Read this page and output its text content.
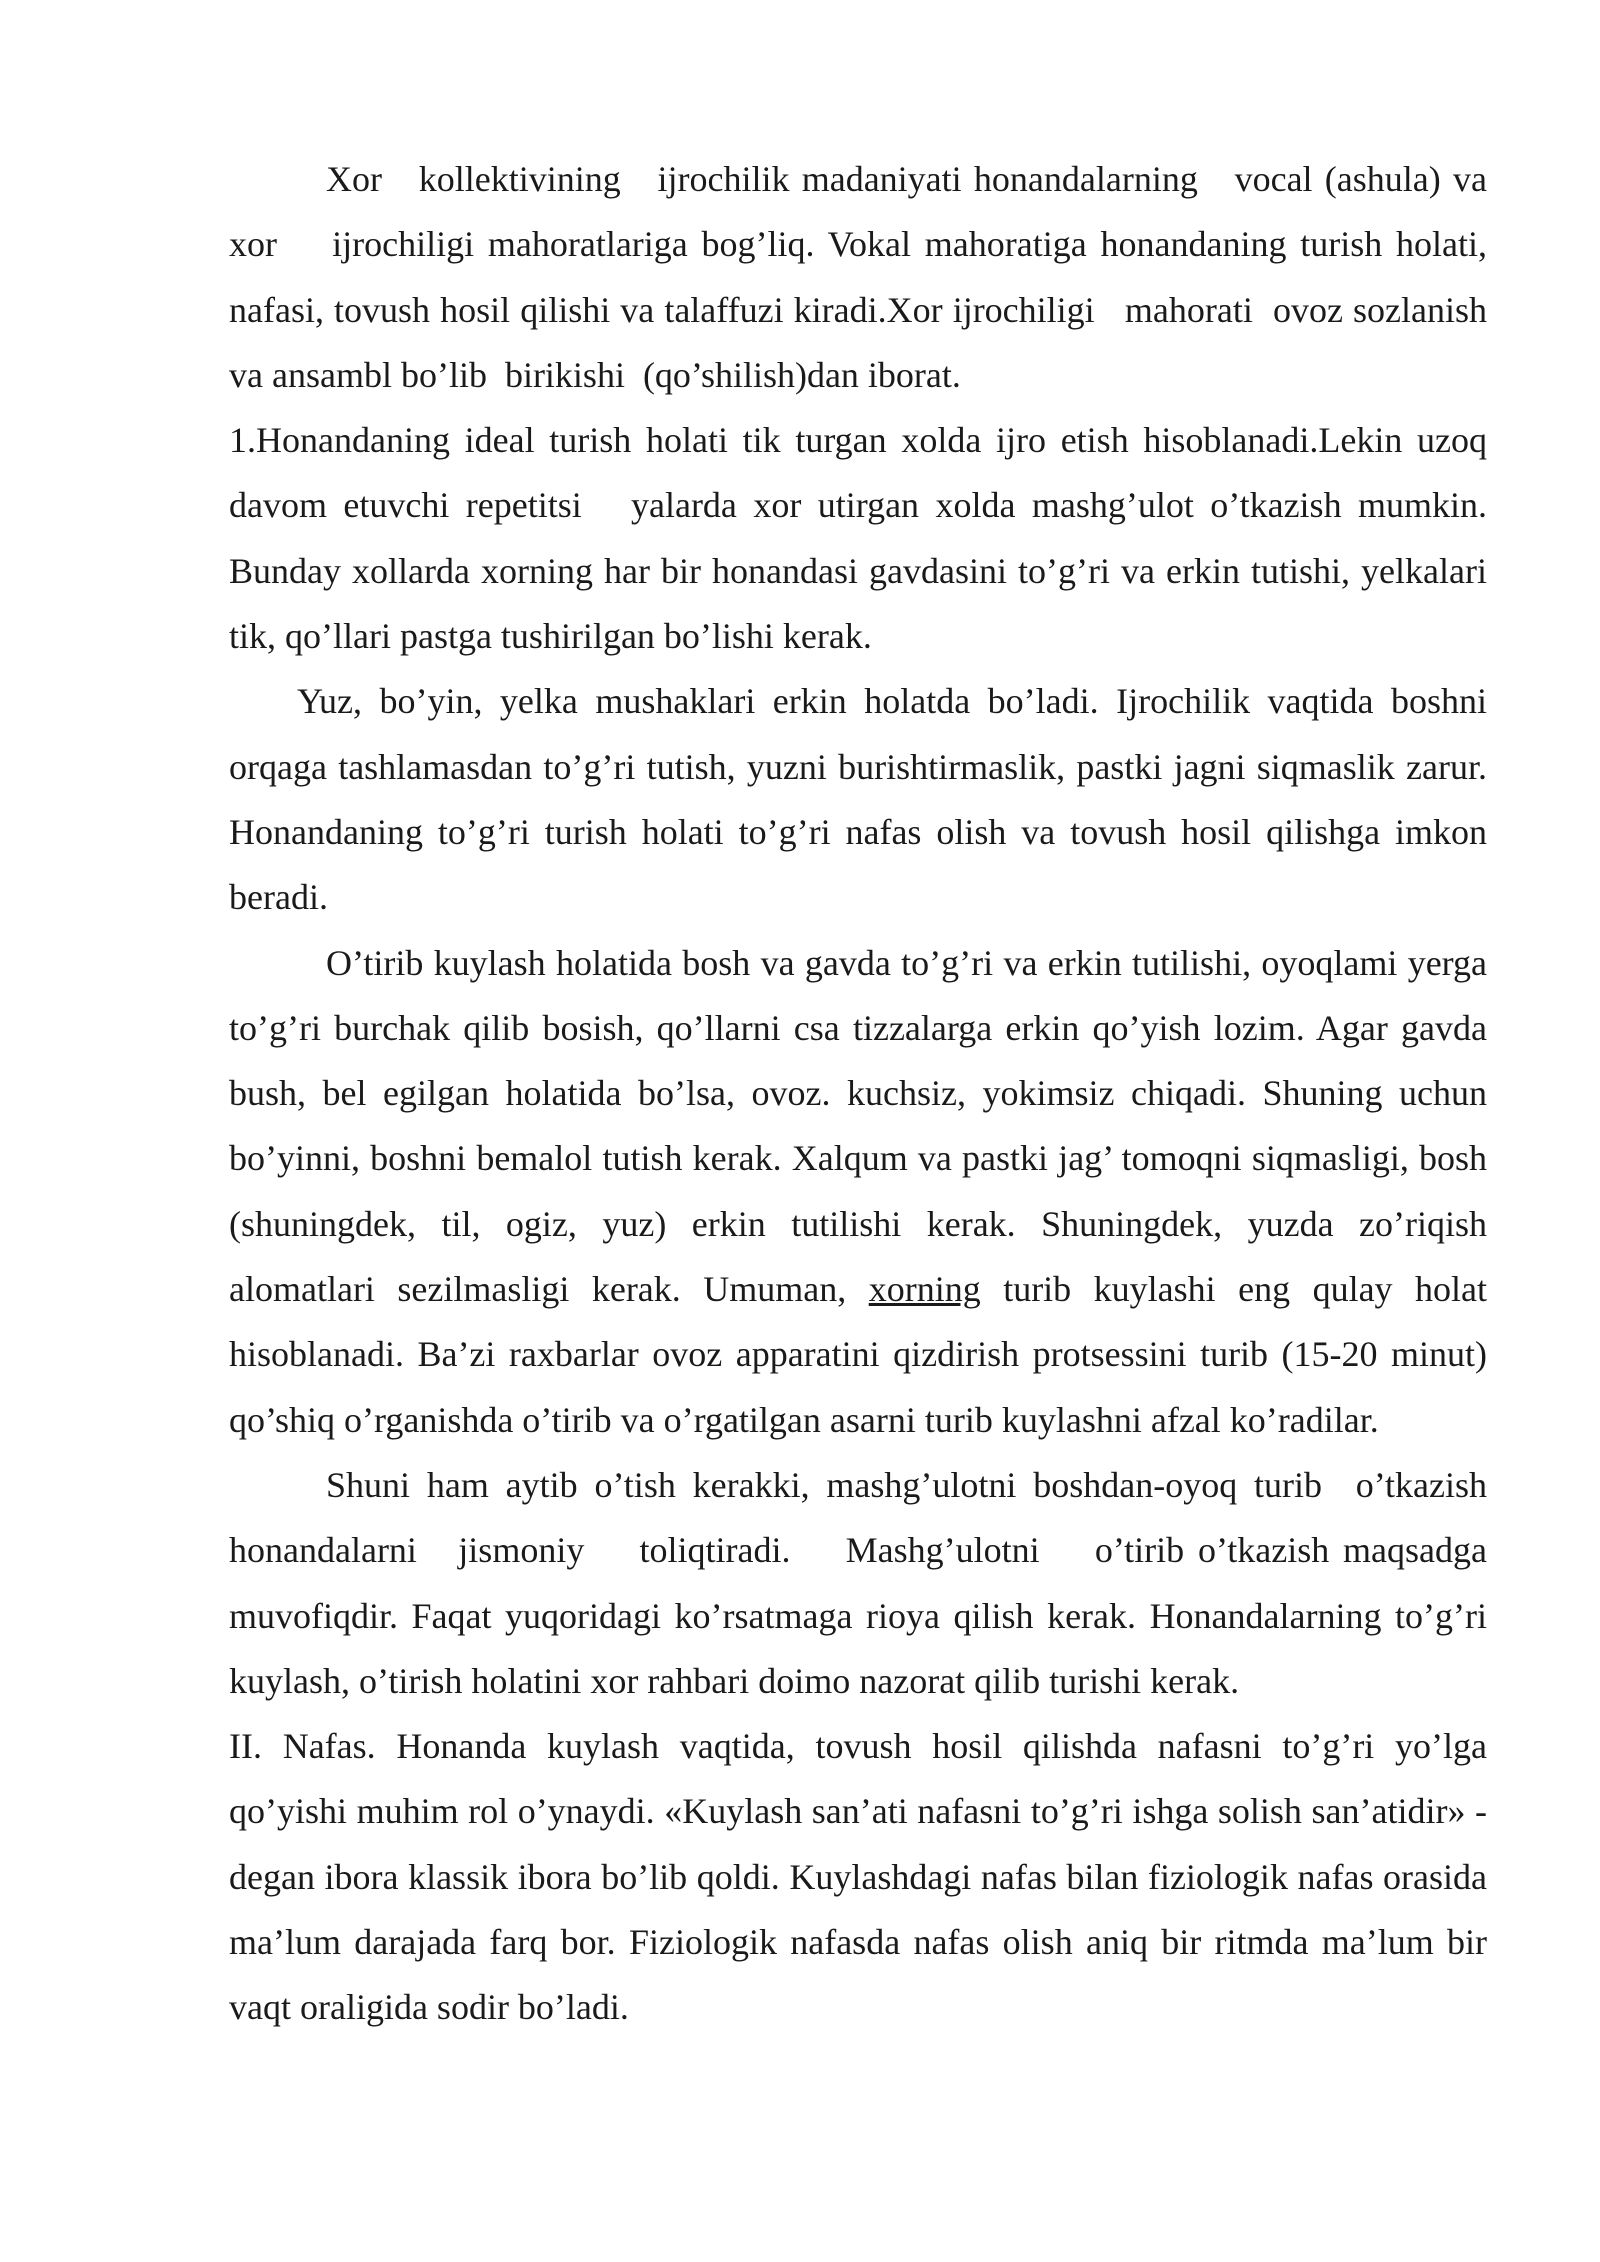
Xor   kollektivining   ijrochilik madaniyati honandalarning   vocal (ashula) va xor    ijrochiligi mahoratlariga bog’liq. Vokal mahoratiga honandaning turish holati, nafasi, tovush hosil qilishi va talaffuzi kiradi.Xor ijrochiligi   mahorati  ovoz sozlanish  va ansambl bo’lib  birikishi  (qo’shilish)dan iborat.

1.Honandaning ideal turish holati tik turgan xolda ijro etish hisoblanadi.Lekin uzoq davom etuvchi repetitsi   yalarda xor utirgan xolda mashg’ulot o’tkazish mumkin. Bunday xollarda xorning har bir honandasi gavdasini to’g’ri va erkin tutishi, yelkalari tik, qo’llari pastga tushirilgan bo’lishi kerak.

Yuz, bo’yin, yelka mushaklari erkin holatda bo’ladi. Ijrochilik vaqtida boshni orqaga tashlamasdan to’g’ri tutish, yuzni burishtirmaslik, pastki jagni siqmaslik zarur. Honandaning to’g’ri turish holati to’g’ri nafas olish va tovush hosil qilishga imkon beradi.

O’tirib kuylash holatida bosh va gavda to’g’ri va erkin tutilishi, oyoqlami yerga to’g’ri burchak qilib bosish, qo’llarni csa tizzalarga erkin qo’yish lozim. Agar gavda bush, bel egilgan holatida bo’lsa, ovoz. kuchsiz, yokimsiz chiqadi. Shuning uchun bo’yinni, boshni bemalol tutish kerak. Xalqum va pastki jag’ tomoqni siqmasligi, bosh (shuningdek, til, ogiz, yuz) erkin tutilishi kerak. Shuningdek, yuzda zo’riqish alomatlari sezilmasligi kerak. Umuman, xorning turib kuylashi eng qulay holat hisoblanadi. Ba’zi raxbarlar ovoz apparatini qizdirish protsessini turib (15-20 minut) qo’shiq o’rganishda o’tirib va o’rgatilgan asarni turib kuylashni afzal ko’radilar.

Shuni ham aytib o’tish kerakki, mashg’ulotni boshdan-oyoq turib  o’tkazish honandalarni   jismoniy    toliqtiradi.    Mashg’ulotni    o’tirib o’tkazish maqsadga muvofiqdir. Faqat yuqoridagi ko’rsatmaga rioya qilish kerak. Honandalarning to’g’ri kuylash, o’tirish holatini xor rahbari doimo nazorat qilib turishi kerak.

II. Nafas. Honanda kuylash vaqtida, tovush hosil qilishda nafasni to’g’ri yo’lga qo’yishi muhim rol o’ynaydi. «Kuylash san’ati nafasni to’g’ri ishga solish san’atidir» - degan ibora klassik ibora bo’lib qoldi. Kuylashdagi nafas bilan fiziologik nafas orasida ma’lum darajada farq bor. Fiziologik nafasda nafas olish aniq bir ritmda ma’lum bir vaqt oraligida sodir bo’ladi.
